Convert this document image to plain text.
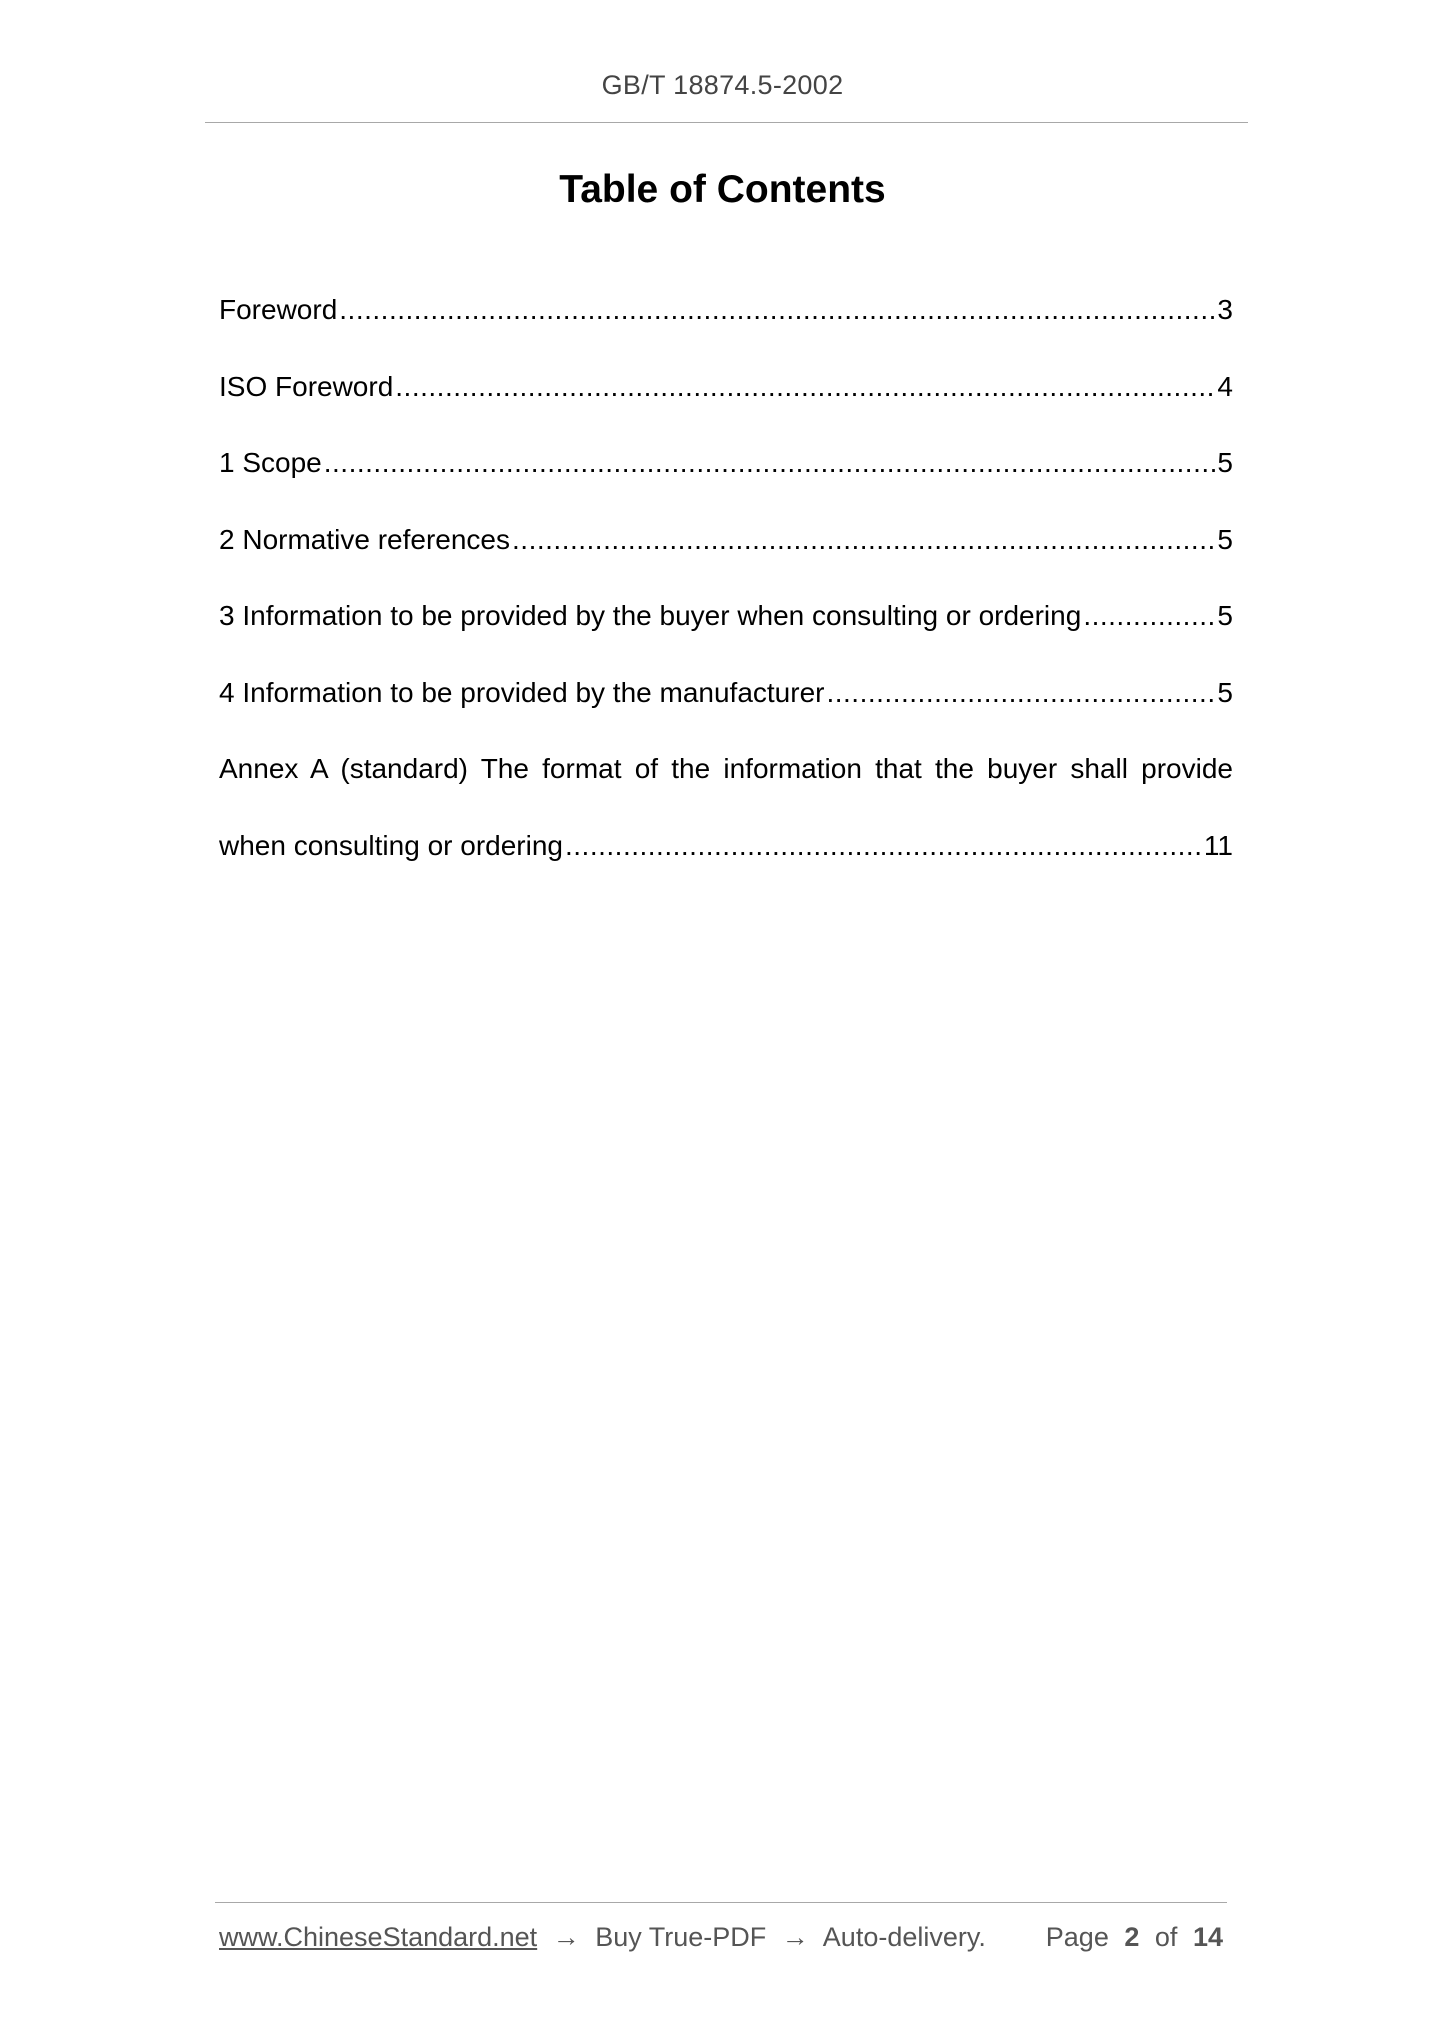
GB/T 18874.5-2002
Table of Contents
Foreword .....	3
ISO Foreword .....	4
1 Scope .....	5
2 Normative references .....	5
3 Information to be provided by the buyer when consulting or ordering .....	5
4 Information to be provided by the manufacturer .....	5
Annex A (standard) The format of the information that the buyer shall provide
when consulting or ordering .....	11
www.ChineseStandard.net → Buy True-PDF → Auto-delivery. Page 2 of 14
